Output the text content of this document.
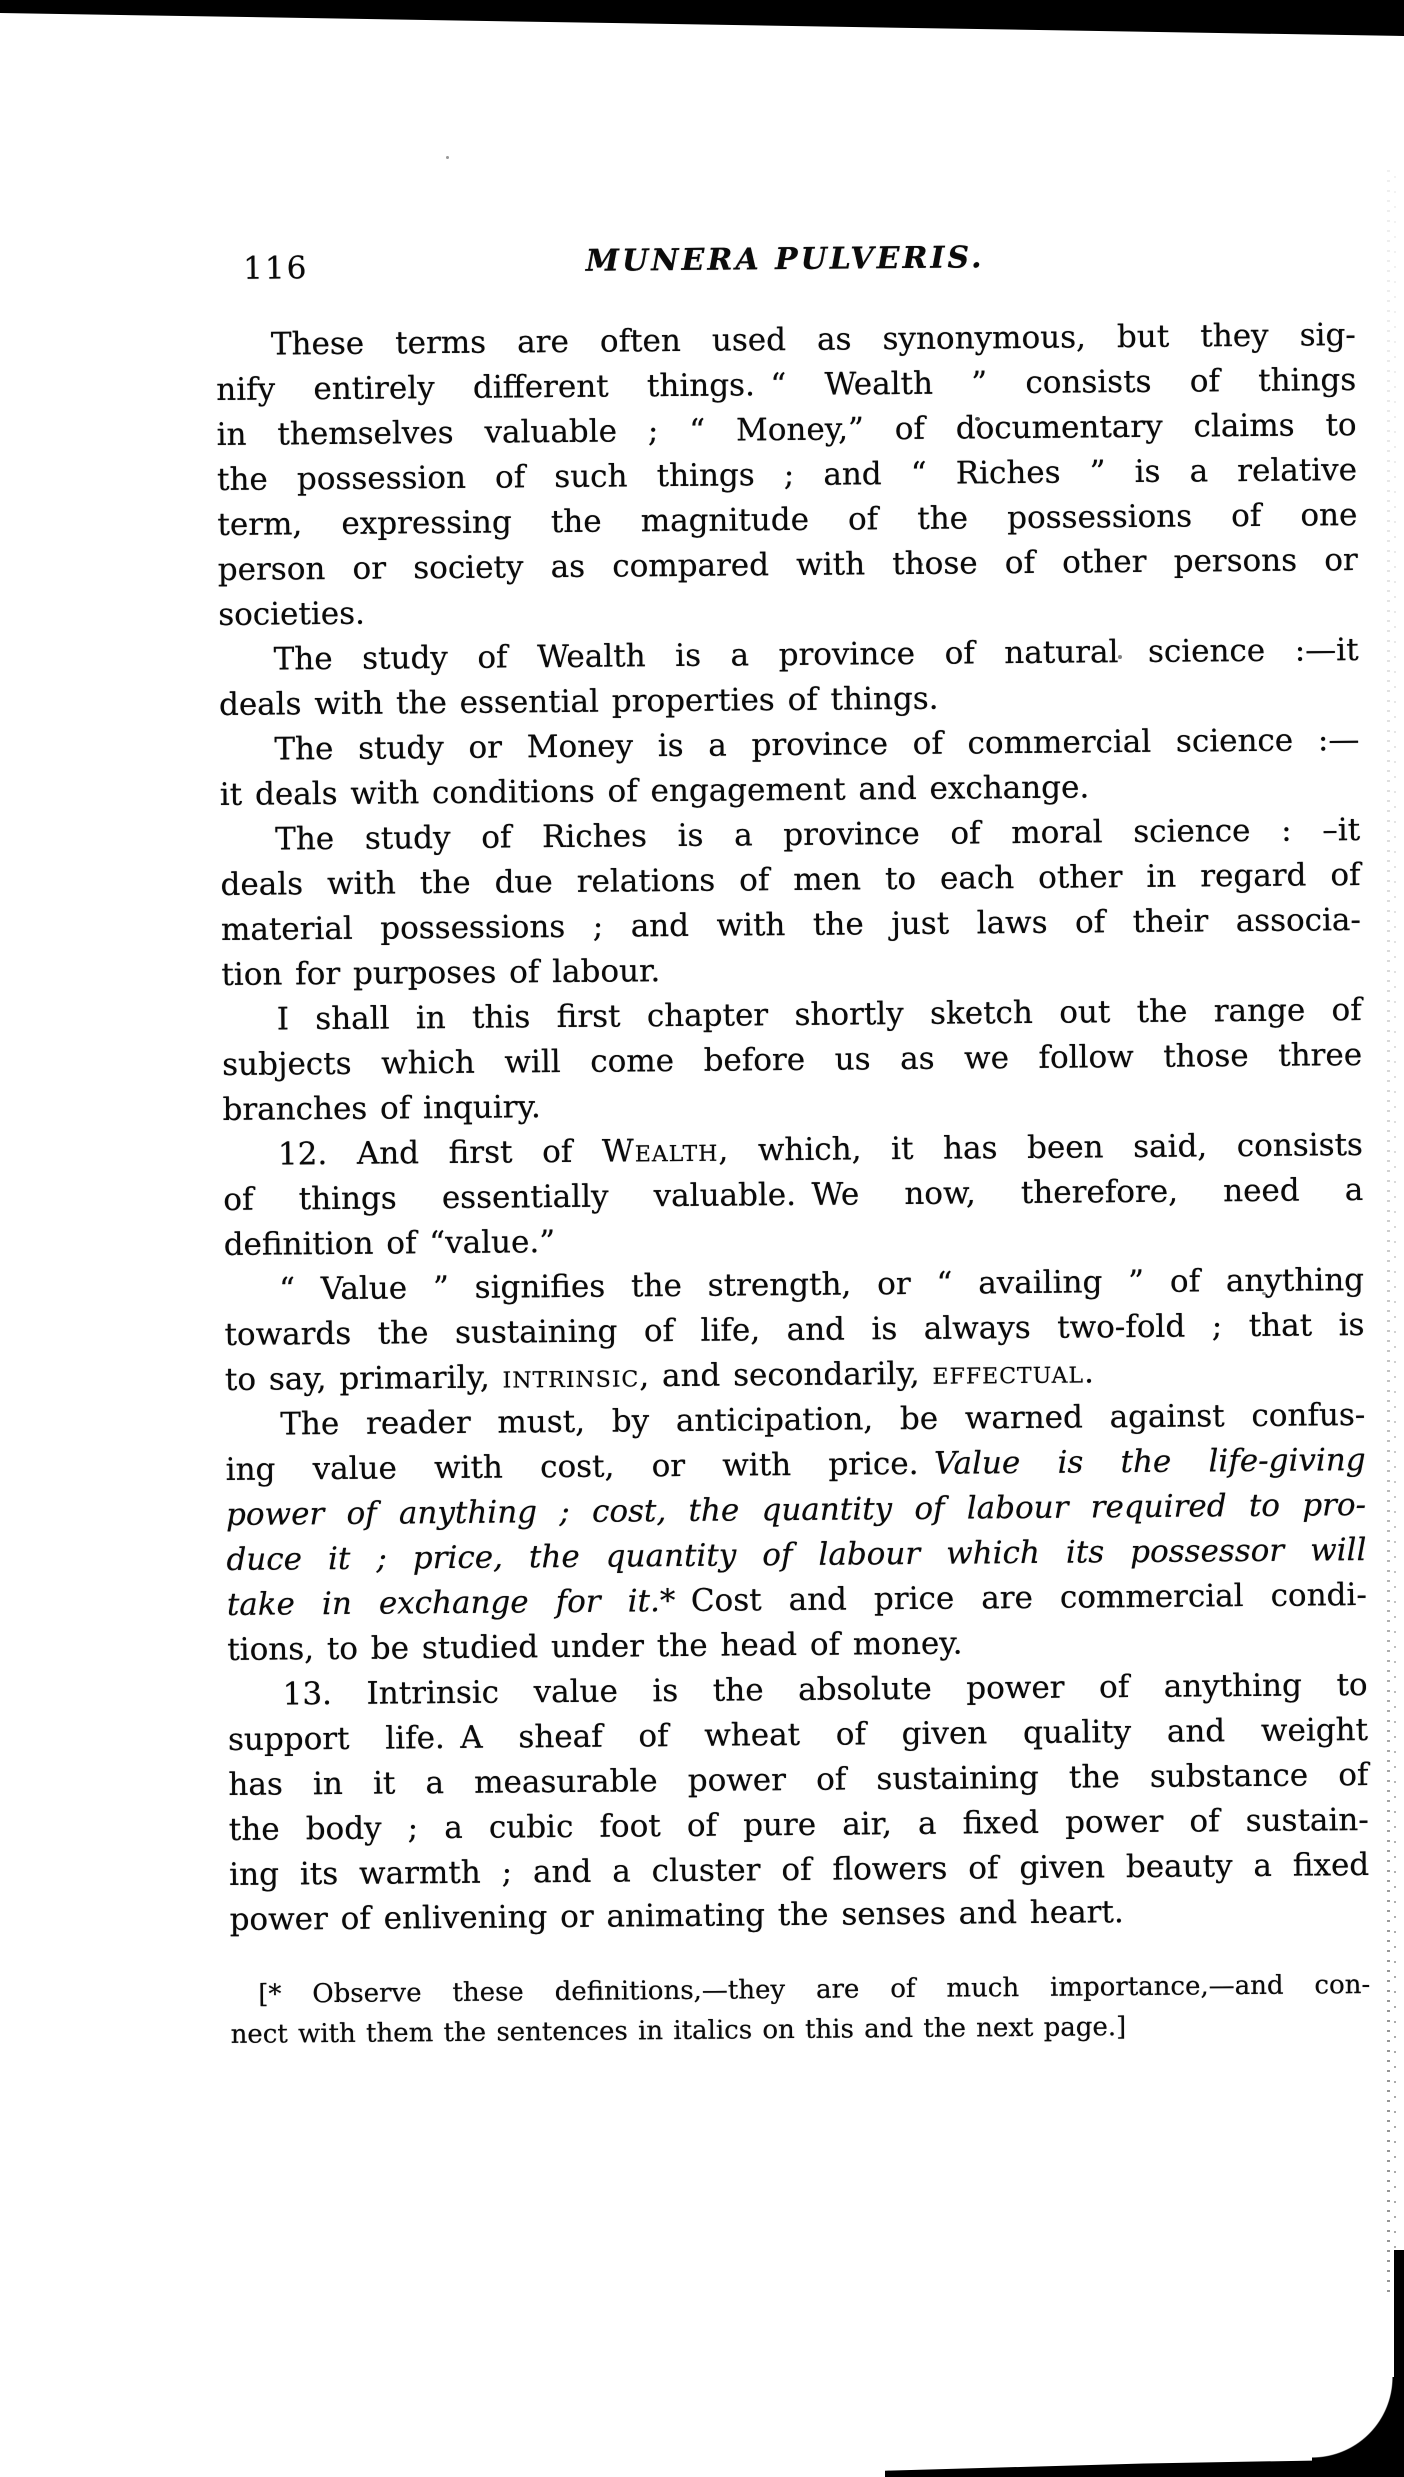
116	MUNERA PULVERIS.
These terms are often used as synonymous, but they sig-
nify entirely different things. “ Wealth ” consists of things
in themselves valuable ; “ Money,” of documentary claims to
the possession of such things ; and “ Riches ” is a relative
term, expressing the magnitude of the possessions of one
person or society as compared with those of other persons or
societies.
The study of Wealth is a province of natural science :—it
deals with the essential properties of things.
The study or Money is a province of commercial science :—
it deals with conditions of engagement and exchange.
The study of Riches is a province of moral science : –it
deals with the due relations of men to each other in regard of
material possessions ; and with the just laws of their associa-
tion for purposes of labour.
I shall in this first chapter shortly sketch out the range of
subjects which will come before us as we follow those three
branches of inquiry.
12. And first of Wealth, which, it has been said, consists
of things essentially valuable. We now, therefore, need a
definition of “value.”
“ Value ” signifies the strength, or “ availing ” of anything
towards the sustaining of life, and is always two-fold ; that is
to say, primarily, intrinsic, and secondarily, effectual.
The reader must, by anticipation, be warned against confus-
ing value with cost, or with price. Value is the life-giving
power of anything ; cost, the quantity of labour required to pro-
duce it ; price, the quantity of labour which its possessor will
take in exchange for it.* Cost and price are commercial condi-
tions, to be studied under the head of money.
13. Intrinsic value is the absolute power of anything to
support life. A sheaf of wheat of given quality and weight
has in it a measurable power of sustaining the substance of
the body ; a cubic foot of pure air, a fixed power of sustain-
ing its warmth ; and a cluster of flowers of given beauty a fixed
power of enlivening or animating the senses and heart.
[* Observe these definitions,—they are of much importance,—and con-
nect with them the sentences in italics on this and the next page.]
